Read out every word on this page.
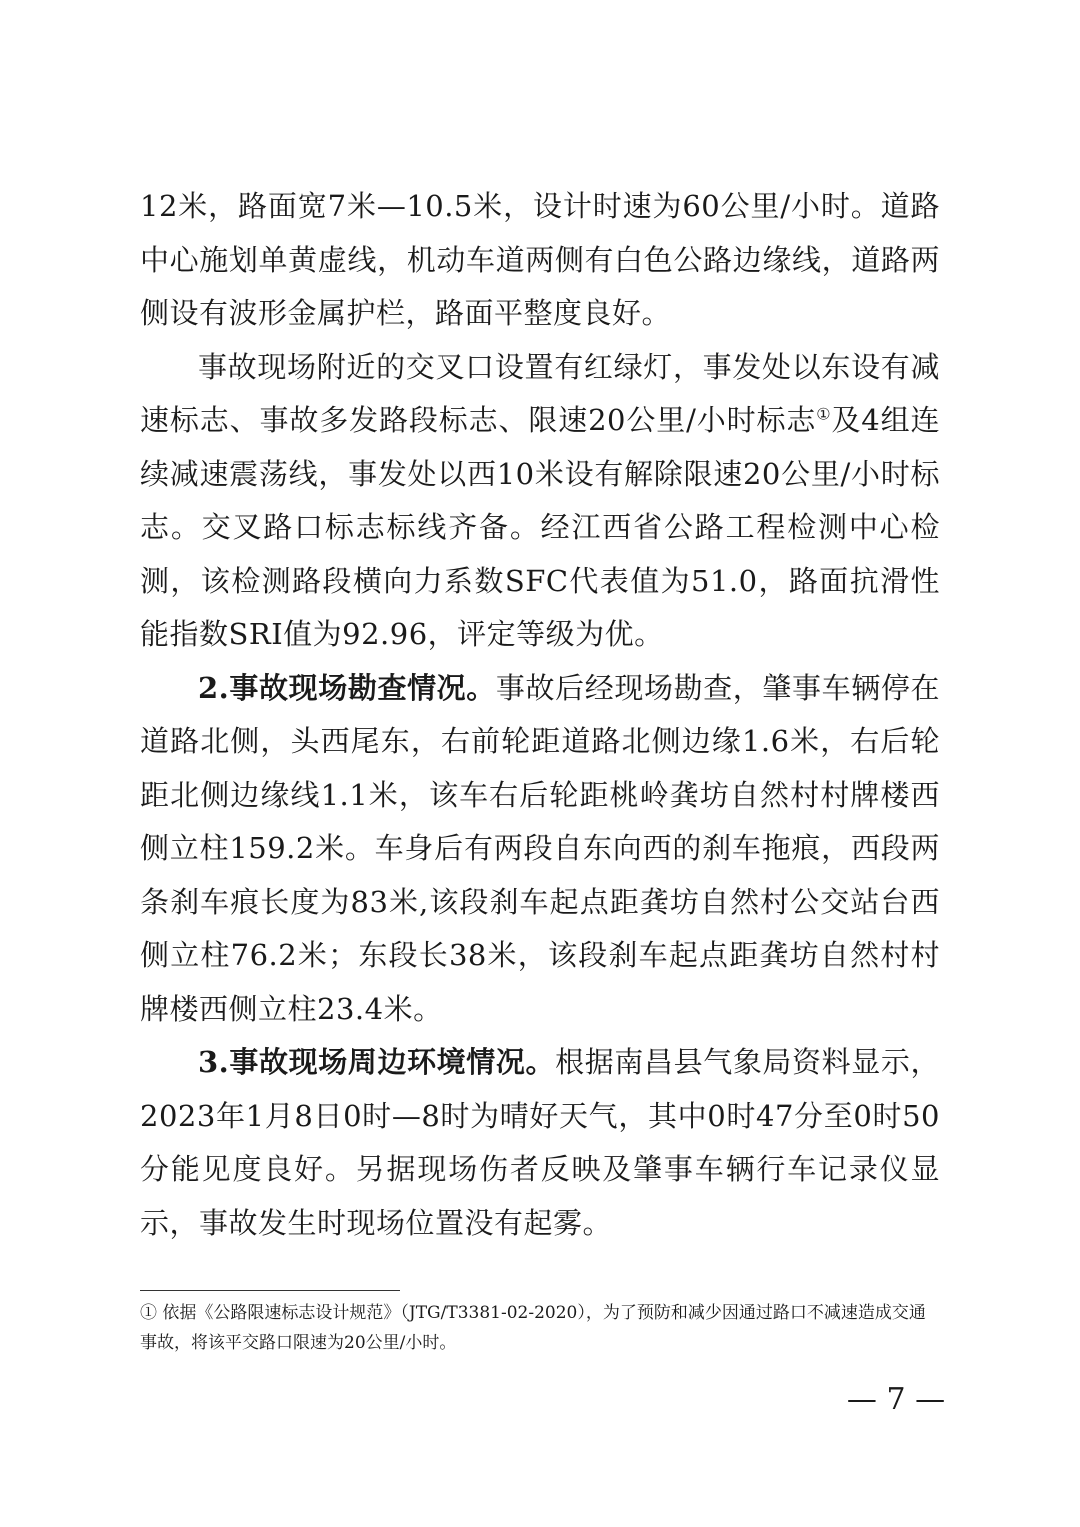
12米，路面宽7米—10.5米，设计时速为60公里/小时。道路中心施划单黄虚线，机动车道两侧有白色公路边缘线，道路两侧设有波形金属护栏，路面平整度良好。

事故现场附近的交叉口设置有红绿灯，事发处以东设有减速标志、事故多发路段标志、限速20公里/小时标志①及4组连续减速震荡线，事发处以西10米设有解除限速20公里/小时标志。交叉路口标志标线齐备。经江西省公路工程检测中心检测，该检测路段横向力系数SFC代表值为51.0，路面抗滑性能指数SRI值为92.96，评定等级为优。

2.事故现场勘查情况。事故后经现场勘查，肇事车辆停在道路北侧，头西尾东，右前轮距道路北侧边缘1.6米，右后轮距北侧边缘线1.1米，该车右后轮距桃岭龚坊自然村村牌楼西侧立柱159.2米。车身后有两段自东向西的刹车拖痕，西段两条刹车痕长度为83米,该段刹车起点距龚坊自然村公交站台西侧立柱76.2米；东段长38米，该段刹车起点距龚坊自然村村牌楼西侧立柱23.4米。

3.事故现场周边环境情况。根据南昌县气象局资料显示，2023年1月8日0时—8时为晴好天气，其中0时47分至0时50分能见度良好。另据现场伤者反映及肇事车辆行车记录仪显示，事故发生时现场位置没有起雾。

① 依据《公路限速标志设计规范》（JTG/T3381-02-2020），为了预防和减少因通过路口不减速造成交通事故，将该平交路口限速为20公里/小时。

— 7 —
